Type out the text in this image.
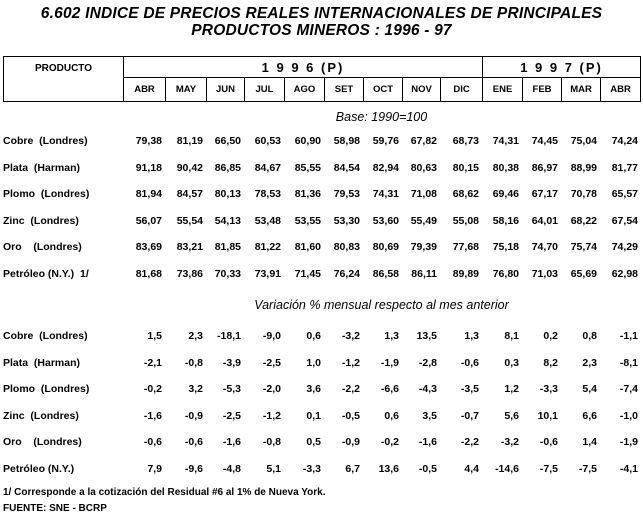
6.602 INDICE DE PRECIOS REALES INTERNACIONALES DE PRINCIPALES
PRODUCTOS MINEROS : 1996 - 97
PRODUCTO	1 9 9 6 (P)									1 9 9 7 (P)			
	ABR	MAY	JUN	JUL	AGO	SET	OCT	NOV	DIC	ENE	FEB	MAR	ABR
	Base: 1990=100												
Cobre  (Londres)	79,38	81,19	66,50	60,53	60,90	58,98	59,76	67,82	68,73	74,31	74,45	75,04	74,24
Plata  (Harman)	91,18	90,42	86,85	84,67	85,55	84,54	82,94	80,63	80,15	80,38	86,97	88,99	81,77
Plomo  (Londres)	81,94	84,57	80,13	78,53	81,36	79,53	74,31	71,08	68,62	69,46	67,17	70,78	65,57
Zinc  (Londres)	56,07	55,54	54,13	53,48	53,55	53,30	53,60	55,49	55,08	58,16	64,01	68,22	67,54
Oro    (Londres)	83,69	83,21	81,85	81,22	81,60	80,83	80,69	79,39	77,68	75,18	74,70	75,74	74,29
Petróleo (N.Y.)  1/	81,68	73,86	70,33	73,91	71,45	76,24	86,58	86,11	89,89	76,80	71,03	65,69	62,98
	Variación % mensual respecto al mes anterior												
Cobre  (Londres)	1,5	2,3	-18,1	-9,0	0,6	-3,2	1,3	13,5	1,3	8,1	0,2	0,8	-1,1
Plata  (Harman)	-2,1	-0,8	-3,9	-2,5	1,0	-1,2	-1,9	-2,8	-0,6	0,3	8,2	2,3	-8,1
Plomo  (Londres)	-0,2	3,2	-5,3	-2,0	3,6	-2,2	-6,6	-4,3	-3,5	1,2	-3,3	5,4	-7,4
Zinc  (Londres)	-1,6	-0,9	-2,5	-1,2	0,1	-0,5	0,6	3,5	-0,7	5,6	10,1	6,6	-1,0
Oro    (Londres)	-0,6	-0,6	-1,6	-0,8	0,5	-0,9	-0,2	-1,6	-2,2	-3,2	-0,6	1,4	-1,9
Petróleo (N.Y.)	7,9	-9,6	-4,8	5,1	-3,3	6,7	13,6	-0,5	4,4	-14,6	-7,5	-7,5	-4,1
1/ Corresponde a la cotización del Residual #6 al 1% de Nueva York.
FUENTE: SNE - BCRP
